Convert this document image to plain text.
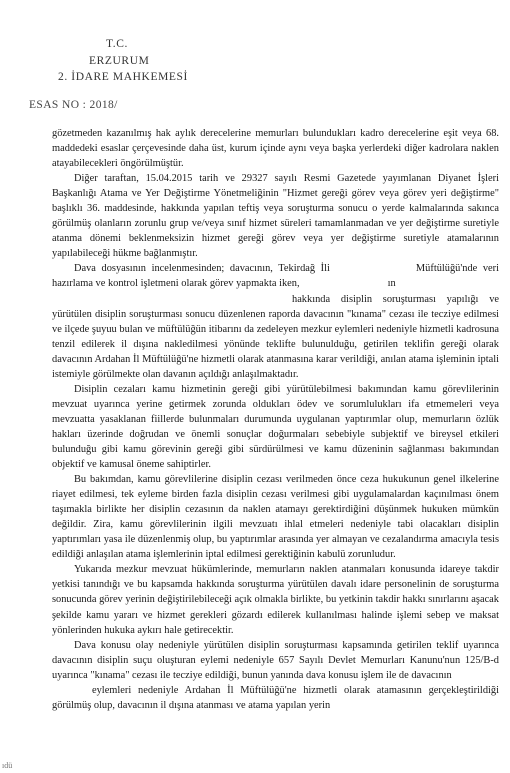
T.C.
ERZURUM
2. İDARE MAHKEMESİ
ESAS NO : 2018/

gözetmeden kazanılmış hak aylık derecelerine memurları bulundukları kadro derecelerine eşit veya 68. maddedeki esaslar çerçevesinde daha üst, kurum içinde aynı veya başka yerlerdeki diğer kadrolara naklen atayabilecekleri öngörülmüştür.

Diğer taraftan, 15.04.2015 tarih ve 29327 sayılı Resmi Gazetede yayımlanan Diyanet İşleri Başkanlığı Atama ve Yer Değiştirme Yönetmeliğinin "Hizmet gereği görev veya görev yeri değiştirme" başlıklı 36. maddesinde, hakkında yapılan teftiş veya soruşturma sonucu o yerde kalmalarında sakınca görülmüş olanların zorunlu grup ve/veya sınıf hizmet süreleri tamamlanmadan ve yer değiştirme suretiyle atanma dönemi beklenmeksizin hizmet gereği görev veya yer değiştirme suretiyle atamalarının yapılabileceği hükme bağlanmıştır.

Dava dosyasının incelenmesinden; davacının, Tekirdağ İli	Müftülüğü'nde veri hazırlama ve kontrol işletmeni olarak görev yapmakta iken,	ın

hakkında disiplin soruşturması yapılığı ve yürütülen disiplin soruşturması sonucu düzenlenen raporda davacının "kınama" cezası ile tecziye edilmesi ve ilçede şuyuu bulan ve müftülüğün itibarını da zedeleyen mezkur eylemleri nedeniyle hizmetli kadrosuna tenzil edilerek il dışına nakledilmesi yönünde teklifte bulunulduğu, getirilen teklifin gereği olarak davacının Ardahan İl Müftülüğü'ne hizmetli olarak atanmasına karar verildiği, anılan atama işleminin iptali istemiyle görülmekte olan davanın açıldığı anlaşılmaktadır.

Disiplin cezaları kamu hizmetinin gereği gibi yürütülebilmesi bakımından kamu görevlilerinin mevzuat uyarınca yerine getirmek zorunda oldukları ödev ve sorumlulukları ifa etmemeleri veya mevzuatta yasaklanan fiillerde bulunmaları durumunda uygulanan yaptırımlar olup, memurların özlük hakları üzerinde doğrudan ve önemli sonuçlar doğurmaları sebebiyle subjektif ve bireysel etkileri bulunduğu gibi kamu görevinin gereği gibi sürdürülmesi ve kamu düzeninin sağlanması bakımından objektif ve kamusal öneme sahiptirler.

Bu bakımdan, kamu görevlilerine disiplin cezası verilmeden önce ceza hukukunun genel ilkelerine riayet edilmesi, tek eyleme birden fazla disiplin cezası verilmesi gibi uygulamalardan kaçınılması önem taşımakla birlikte her disiplin cezasının da naklen atamayı gerektirdiğini düşünmek hukuken mümkün değildir. Zira, kamu görevlilerinin ilgili mevzuatı ihlal etmeleri nedeniyle tabi olacakları disiplin yaptırımları yasa ile düzenlenmiş olup, bu yaptırımlar arasında yer almayan ve cezalandırma amacıyla tesis edildiği anlaşılan atama işlemlerinin iptal edilmesi gerektiğinin kabulü zorunludur.

Yukarıda mezkur mevzuat hükümlerinde, memurların naklen atanmaları konusunda idareye takdir yetkisi tanındığı ve bu kapsamda hakkında soruşturma yürütülen davalı idare personelinin de soruşturma sonucunda görev yerinin değiştirilebileceği açık olmakla birlikte, bu yetkinin takdir hakkı sınırlarını aşacak şekilde kamu yararı ve hizmet gerekleri gözardı edilerek kullanılması halinde işlemi sebep ve maksat yönlerinden hukuka aykırı hale getirecektir.

Dava konusu olay nedeniyle yürütülen disiplin soruşturması kapsamında getirilen teklif uyarınca davacının disiplin suçu oluşturan eylemi nedeniyle 657 Sayılı Devlet Memurları Kanunu'nun 125/B-d uyarınca "kınama" cezası ile tecziye edildiği, bunun yanında dava konusu işlem ile de davacının

eylemleri nedeniyle Ardahan İl Müftülüğü'ne hizmetli olarak atamasının gerçekleştirildiği görülmüş olup, davacının il dışına atanması ve atama yapılan yerin

ıdü
